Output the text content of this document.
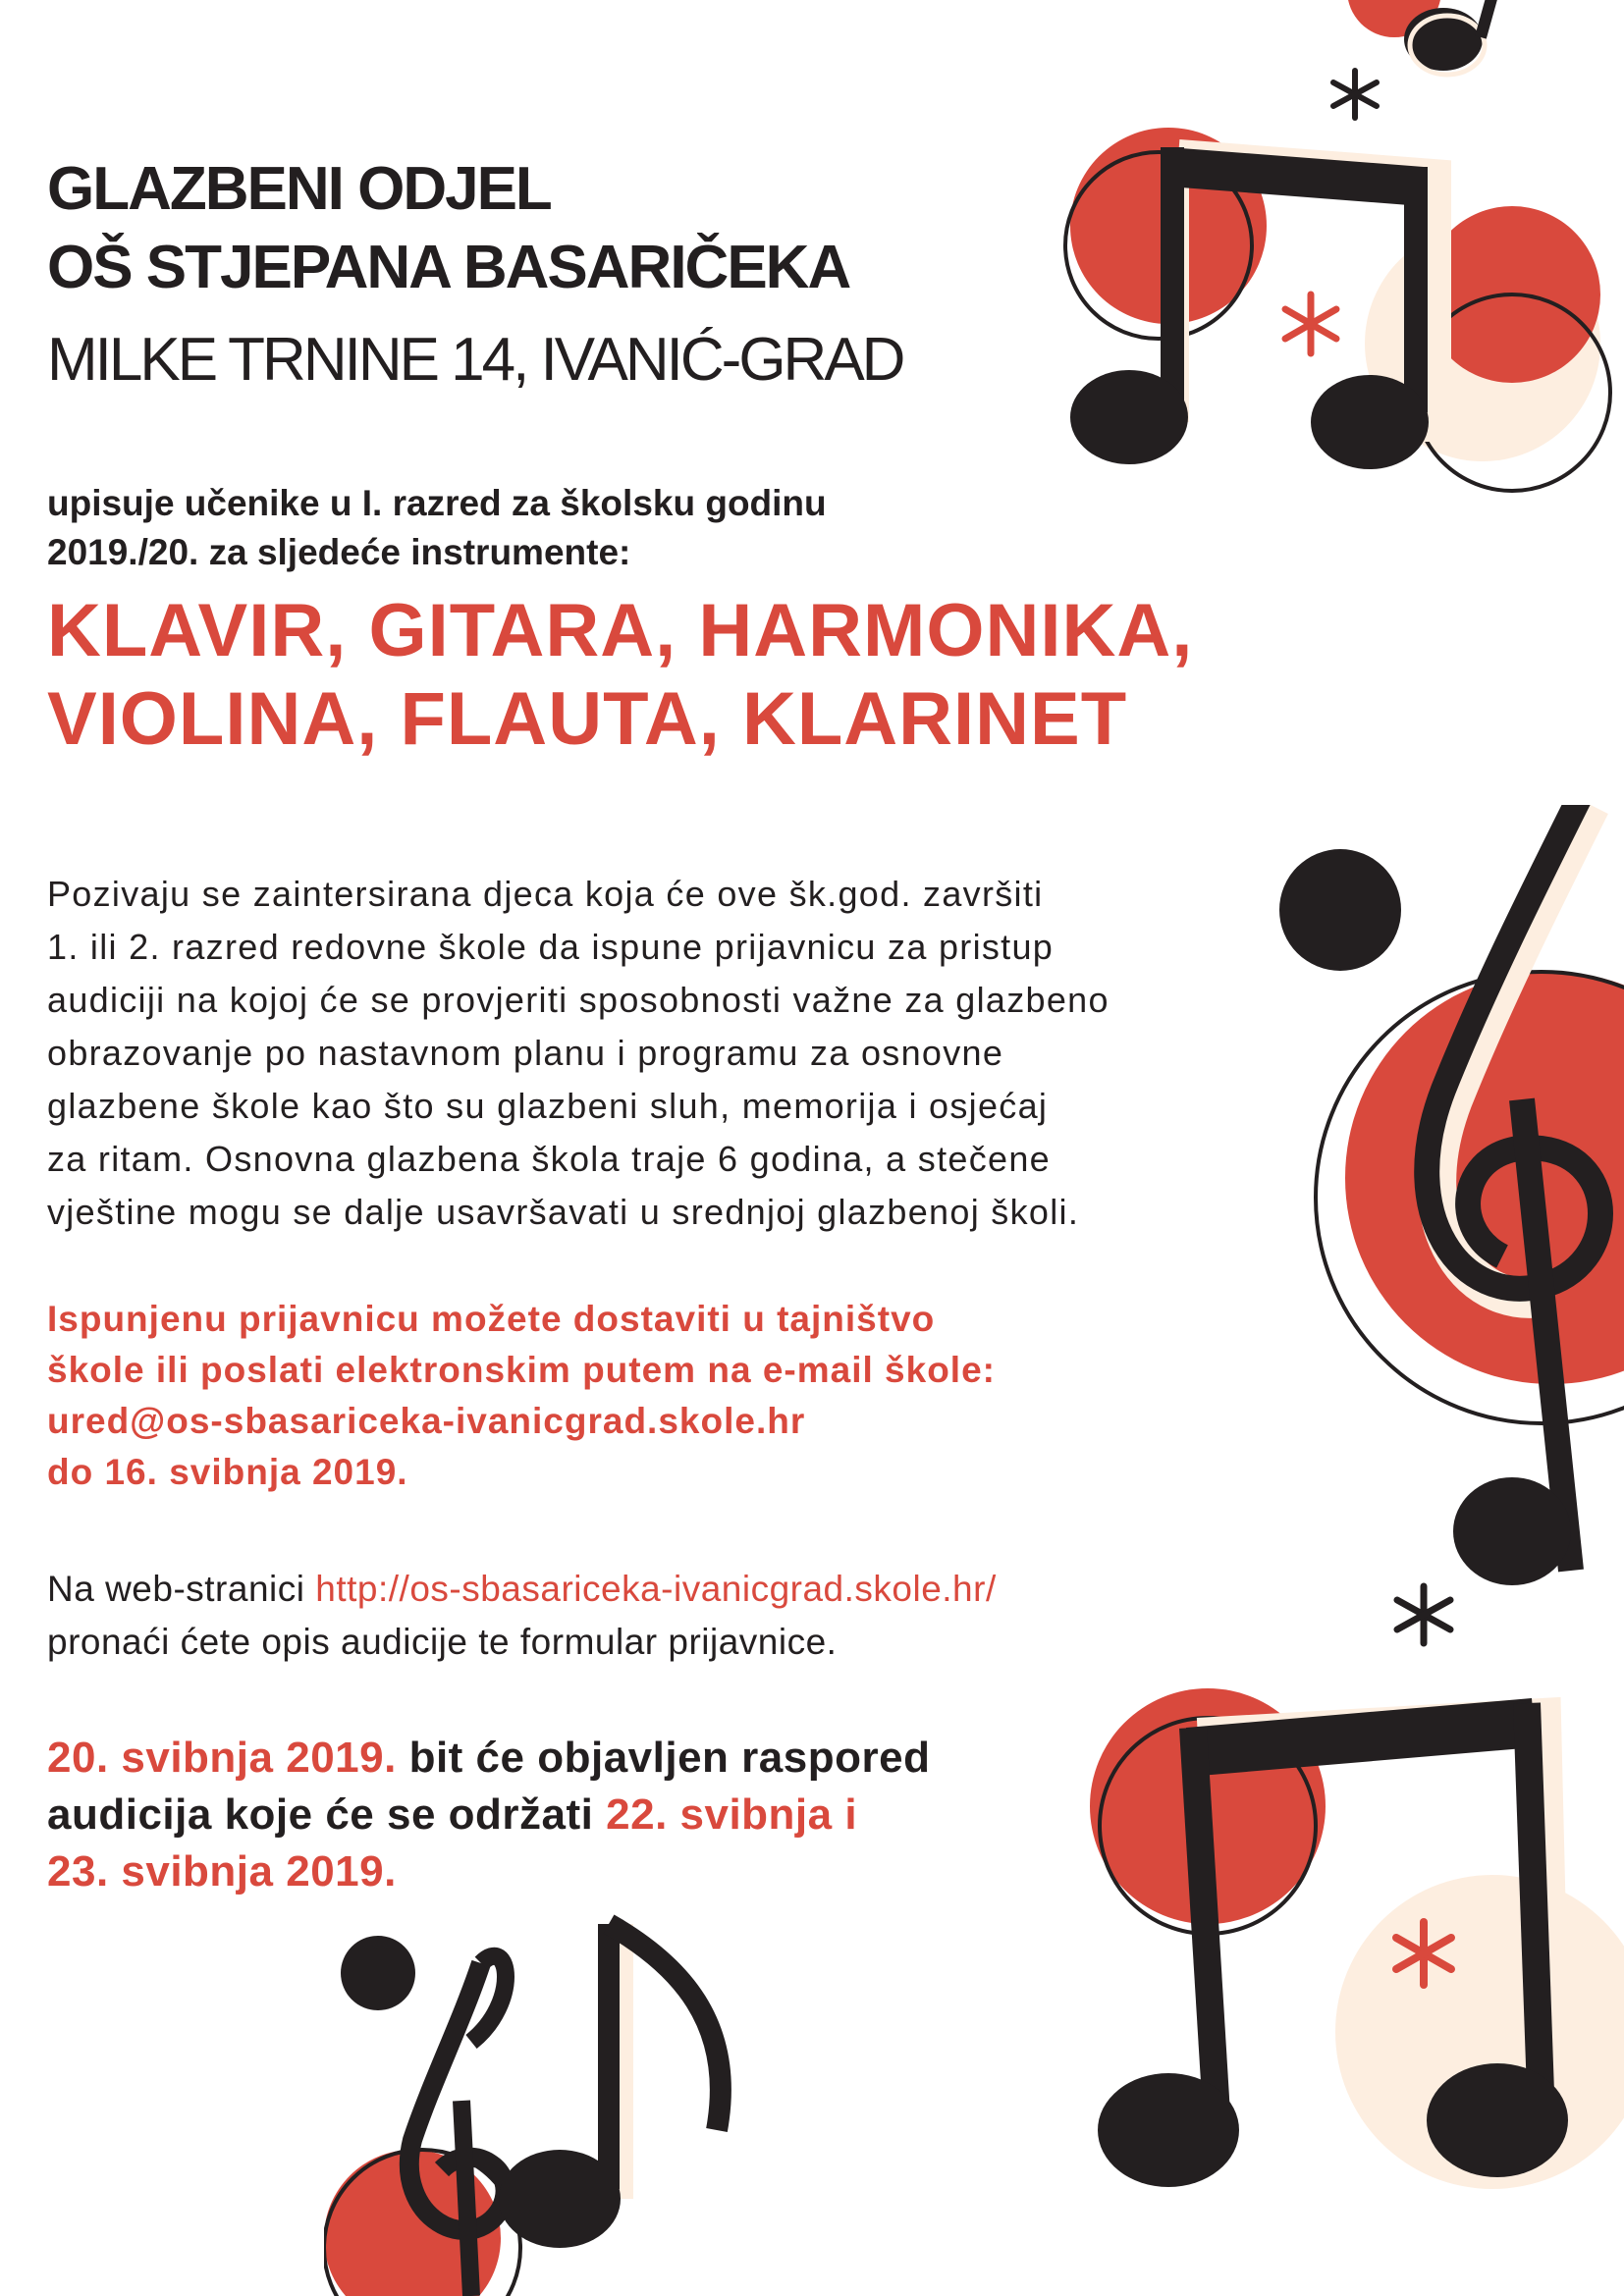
GLAZBENI ODJEL
OŠ STJEPANA BASARIČEKA
MILKE TRNINE 14, IVANIĆ-GRAD
upisuje učenike u I. razred za školsku godinu
2019./20. za sljedeće instrumente:
KLAVIR, GITARA, HARMONIKA,
VIOLINA, FLAUTA, KLARINET
Pozivaju se zaintersirana djeca koja će ove šk.god. završiti
1. ili 2. razred redovne škole da ispune prijavnicu za pristup
audiciji na kojoj će se provjeriti sposobnosti važne za glazbeno
obrazovanje po nastavnom planu i programu za osnovne
glazbene škole kao što su glazbeni sluh, memorija i osjećaj
za ritam. Osnovna glazbena škola traje 6 godina, a stečene
vještine mogu se dalje usavršavati u srednjoj glazbenoj školi.
Ispunjenu prijavnicu možete dostaviti u tajništvo
škole ili poslati elektronskim putem na e-mail škole:
ured@os-sbasariceka-ivanicgrad.skole.hr
do 16. svibnja 2019.
Na web-stranici http://os-sbasariceka-ivanicgrad.skole.hr/
pronaći ćete opis audicije te formular prijavnice.
20. svibnja 2019. bit će objavljen raspored
audicija koje će se održati 22. svibnja i
23. svibnja 2019.
